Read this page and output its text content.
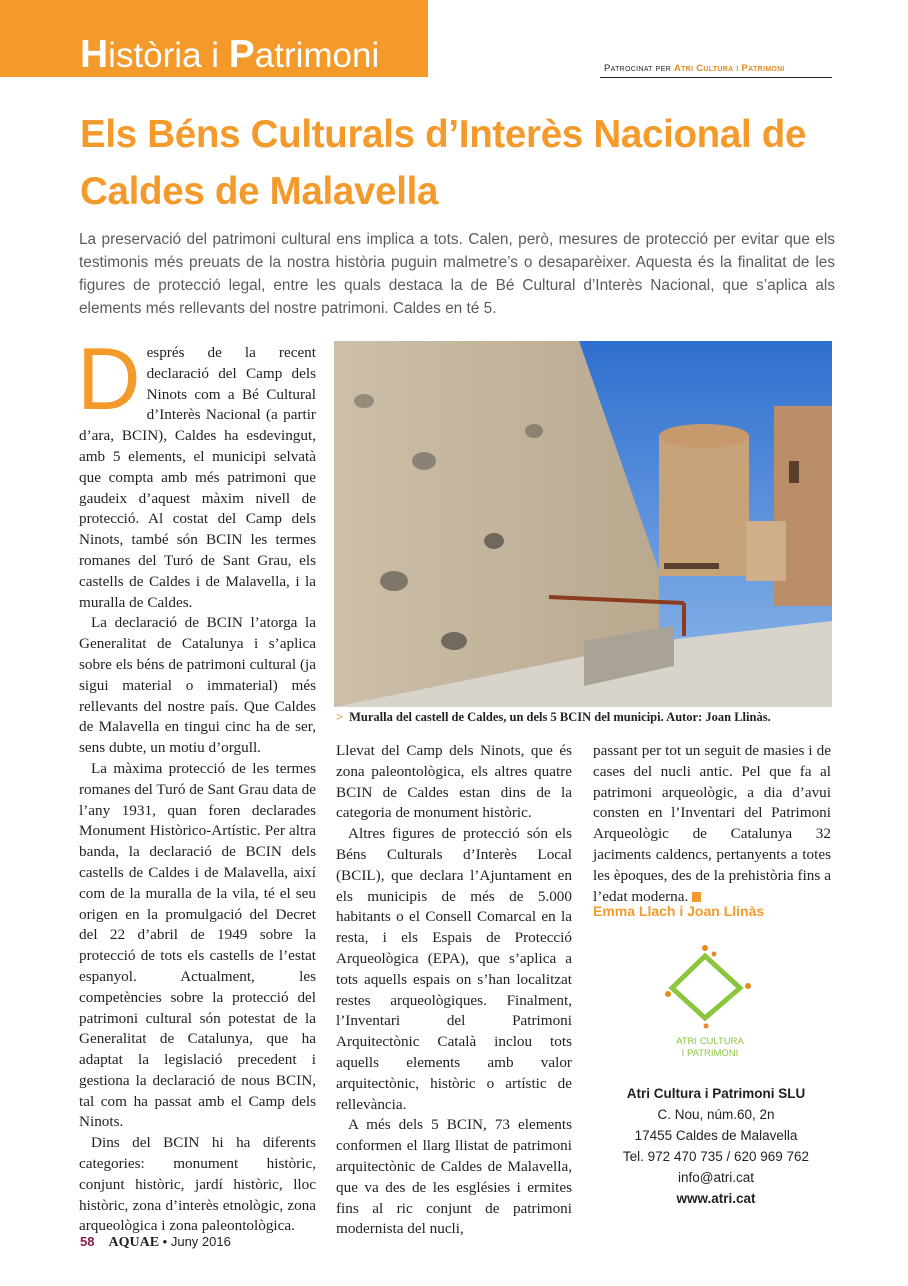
Història i Patrimoni	Patrocinat per Atri Cultura i Patrimoni
Els Béns Culturals d’Interès Nacional de Caldes de Malavella

La preservació del patrimoni cultural ens implica a tots. Calen, però, mesures de protecció per evitar que els testimonis més preuats de la nostra història puguin malmetre’s o desaparèixer. Aquesta és la finalitat de les figures de protecció legal, entre les quals destaca la de Bé Cultural d’Interès Nacional, que s’aplica als elements més rellevants del nostre patrimoni. Caldes en té 5.

Després de la recent declaració del Camp dels Ninots com a Bé Cultural d’Interès Nacional (a partir d’ara, BCIN), Caldes ha esdevingut, amb 5 elements, el municipi selvatà que compta amb més patrimoni que gaudeix d’aquest màxim nivell de protecció. Al costat del Camp dels Ninots, també són BCIN les termes romanes del Turó de Sant Grau, els castells de Caldes i de Malavella, i la muralla de Caldes.

La declaració de BCIN l’atorga la Generalitat de Catalunya i s’aplica sobre els béns de patrimoni cultural (ja sigui material o immaterial) més rellevants del nostre país. Que Caldes de Malavella en tingui cinc ha de ser, sens dubte, un motiu d’orgull.

La màxima protecció de les termes romanes del Turó de Sant Grau data de l’any 1931, quan foren declarades Monument Històrico-Artístic. Per altra banda, la declaració de BCIN dels castells de Caldes i de Malavella, així com de la muralla de la vila, té el seu origen en la promulgació del Decret del 22 d’abril de 1949 sobre la protecció de tots els castells de l’estat espanyol. Actualment, les competències sobre la protecció del patrimoni cultural són potestat de la Generalitat de Catalunya, que ha adaptat la legislació precedent i gestiona la declaració de nous BCIN, tal com ha passat amb el Camp dels Ninots.

Dins del BCIN hi ha diferents categories: monument històric, conjunt històric, jardí històric, lloc històric, zona d’interès etnològic, zona arqueològica i zona paleontològica.

> Muralla del castell de Caldes, un dels 5 BCIN del municipi. Autor: Joan Llinàs.

Llevat del Camp dels Ninots, que és zona paleontològica, els altres quatre BCIN de Caldes estan dins de la categoria de monument històric.

Altres figures de protecció són els Béns Culturals d’Interès Local (BCIL), que declara l’Ajuntament en els municipis de més de 5.000 habitants o el Consell Comarcal en la resta, i els Espais de Protecció Arqueològica (EPA), que s’aplica a tots aquells espais on s’han localitzat restes arqueològiques. Finalment, l’Inventari del Patrimoni Arquitectònic Català inclou tots aquells elements amb valor arquitectònic, històric o artístic de rellevància.

A més dels 5 BCIN, 73 elements conformen el llarg llistat de patrimoni arquitectònic de Caldes de Malavella, que va des de les esglésies i ermites fins al ric conjunt de patrimoni modernista del nucli,

passant per tot un seguit de masies i de cases del nucli antic. Pel que fa al patrimoni arqueològic, a dia d’avui consten en l’Inventari del Patrimoni Arqueològic de Catalunya 32 jaciments caldencs, pertanyents a totes les èpoques, des de la prehistòria fins a l’edat moderna.

Emma Llach i Joan Llinàs
ATRI CULTURA
I PATRIMONI
Atri Cultura i Patrimoni SLU
C. Nou, núm.60, 2n
17455 Caldes de Malavella
Tel. 972 470 735 / 620 969 762
info@atri.cat
www.atri.cat
58 AQUAE • Juny 2016
